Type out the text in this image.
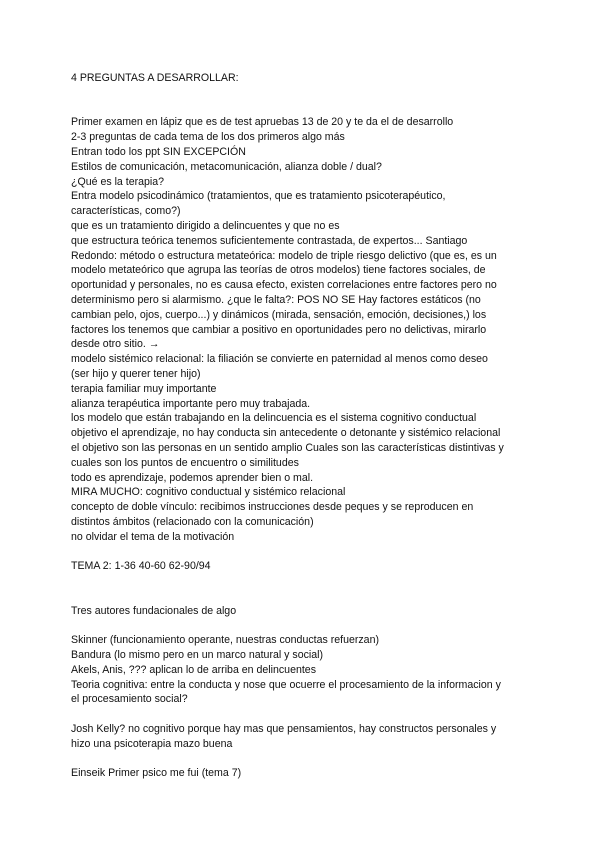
4 PREGUNTAS A DESARROLLAR:
Primer examen en lápiz que es de test apruebas 13 de 20 y te da el de desarrollo
2-3 preguntas de cada tema de los dos primeros algo más
Entran todo los ppt SIN EXCEPCIÓN
Estilos de comunicación, metacomunicación, alianza doble / dual?
¿Qué es la terapia?
Entra modelo psicodinámico (tratamientos, que es tratamiento psicoterapéutico,
características, como?)
que es un tratamiento dirigido a delincuentes y que no es
que estructura teórica tenemos suficientemente contrastada, de expertos... Santiago
Redondo: método o estructura metateórica: modelo de triple riesgo delictivo (que es, es un
modelo metateórico que agrupa las teorías de otros modelos) tiene factores sociales, de
oportunidad y personales, no es causa efecto, existen correlaciones entre factores pero no
determinismo pero si alarmismo. ¿que le falta?: POS NO SE Hay factores estáticos (no
cambian pelo, ojos, cuerpo...) y dinámicos (mirada, sensación, emoción, decisiones,) los
factores los tenemos que cambiar a positivo en oportunidades pero no delictivas, mirarlo
desde otro sitio. →
modelo sistémico relacional: la filiación se convierte en paternidad al menos como deseo
(ser hijo y querer tener hijo)
terapia familiar muy importante
alianza terapéutica importante pero muy trabajada.
los modelo que están trabajando en la delincuencia es el sistema cognitivo conductual
objetivo el aprendizaje, no hay conducta sin antecedente o detonante y sistémico relacional
el objetivo son las personas en un sentido amplio Cuales son las características distintivas y
cuales son los puntos de encuentro o similitudes
todo es aprendizaje, podemos aprender bien o mal.
MIRA MUCHO: cognitivo conductual y sistémico relacional
concepto de doble vínculo: recibimos instrucciones desde peques y se reproducen en
distintos ámbitos (relacionado con la comunicación)
no olvidar el tema de la motivación
TEMA 2: 1-36 40-60 62-90/94
Tres autores fundacionales de algo
Skinner (funcionamiento operante, nuestras conductas refuerzan)
Bandura (lo mismo pero en un marco natural y social)
Akels, Anis, ??? aplican lo de arriba en delincuentes
Teoria cognitiva: entre la conducta y nose que ocuerre el procesamiento de la informacion y
el procesamiento social?
Josh Kelly? no cognitivo porque hay mas que pensamientos, hay constructos personales y
hizo una psicoterapia mazo buena
Einseik Primer psico me fui (tema 7)
